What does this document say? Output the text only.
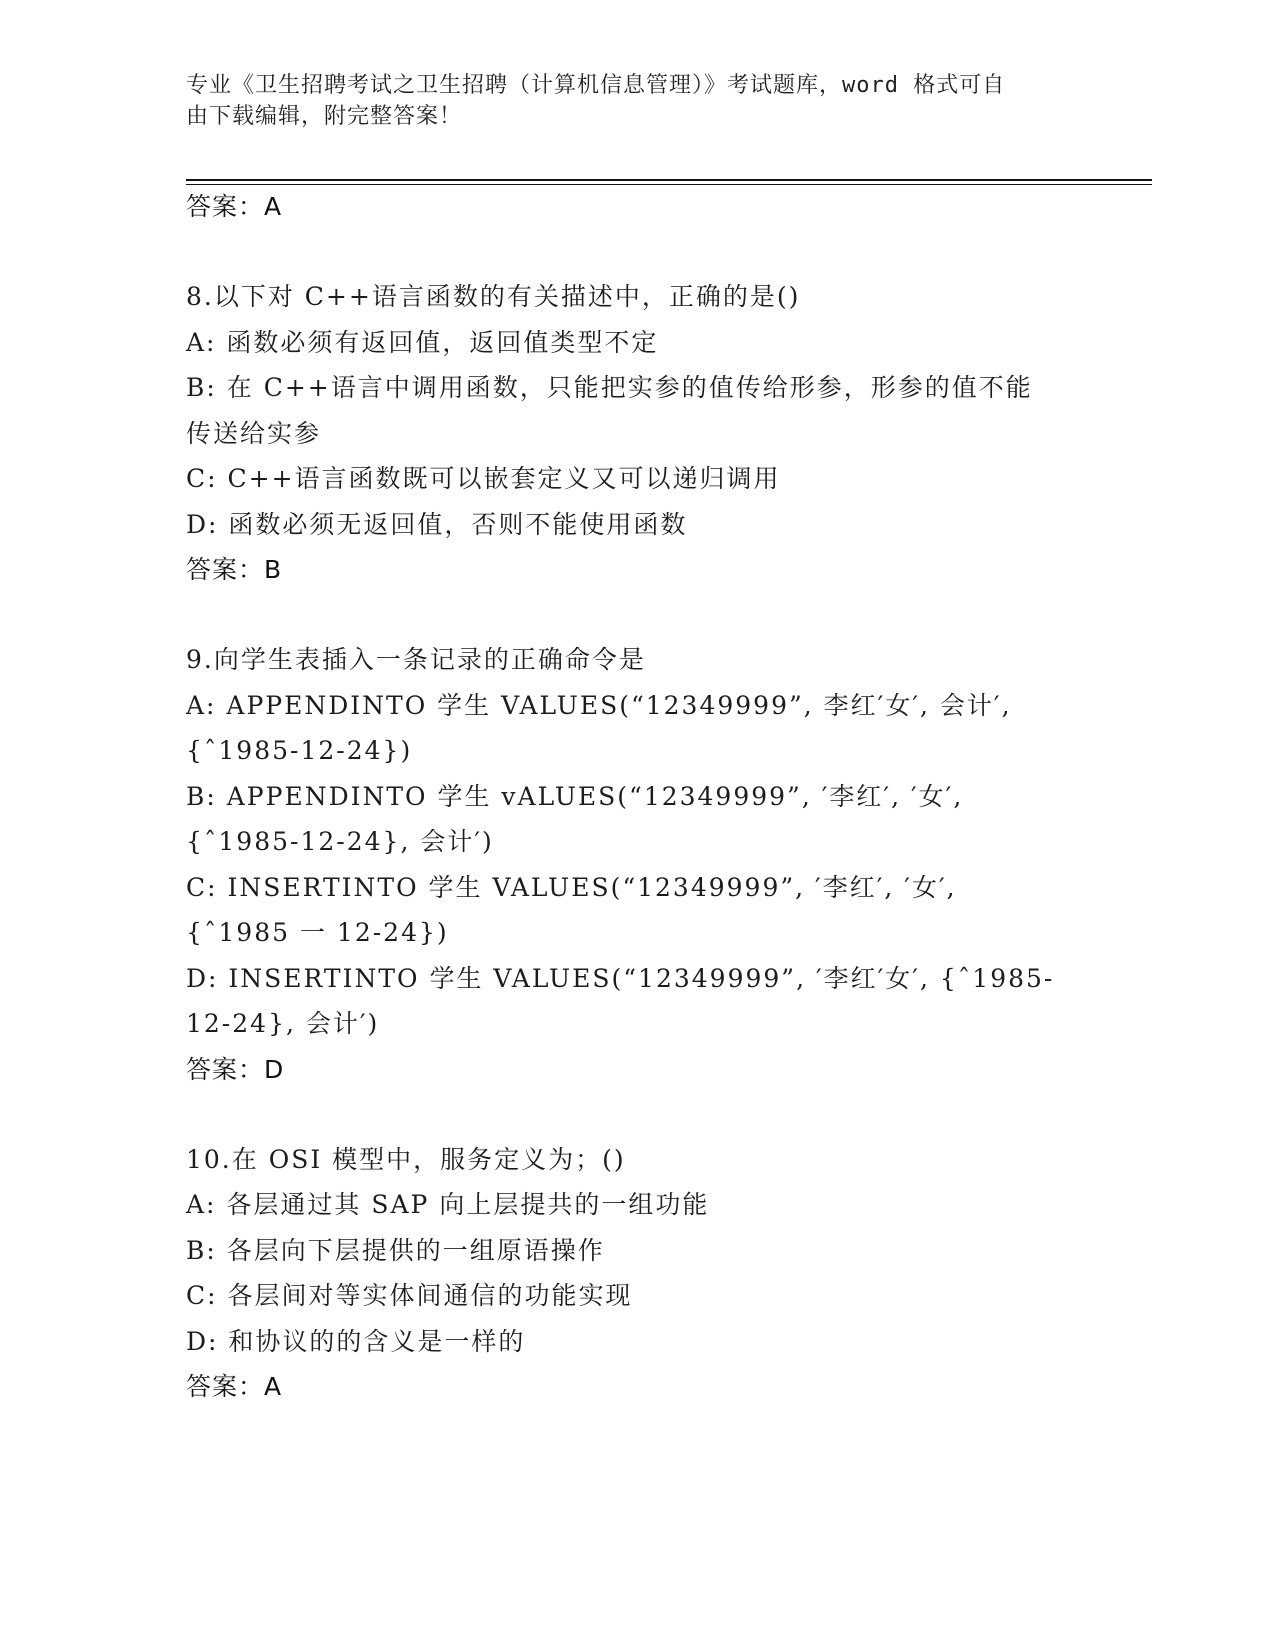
专业《卫生招聘考试之卫生招聘（计算机信息管理）》考试题库，word 格式可自
由下载编辑，附完整答案！
答案：A
8.以下对 C++语言函数的有关描述中，正确的是()
A: 函数必须有返回值，返回值类型不定
B: 在 C++语言中调用函数，只能把实参的值传给形参，形参的值不能
传送给实参
C: C++语言函数既可以嵌套定义又可以递归调用
D: 函数必须无返回值，否则不能使用函数
答案：B
9.向学生表插入一条记录的正确命令是
A: APPENDINTO 学生 VALUES(“12349999”, 李红′女′, 会计′,
{ˆ1985-12-24})
B: APPENDINTO 学生 vALUES(“12349999”, ′李红′, ′女′,
{ˆ1985-12-24}, 会计′)
C: INSERTINTO 学生 VALUES(“12349999”, ′李红′, ′女′,
{ˆ1985 一 12-24})
D: INSERTINTO 学生 VALUES(“12349999”, ′李红′女′, {ˆ1985-
12-24}, 会计′)
答案：D
10.在 OSI 模型中，服务定义为；()
A: 各层通过其 SAP 向上层提共的一组功能
B: 各层向下层提供的一组原语操作
C: 各层间对等实体间通信的功能实现
D: 和协议的的含义是一样的
答案：A
